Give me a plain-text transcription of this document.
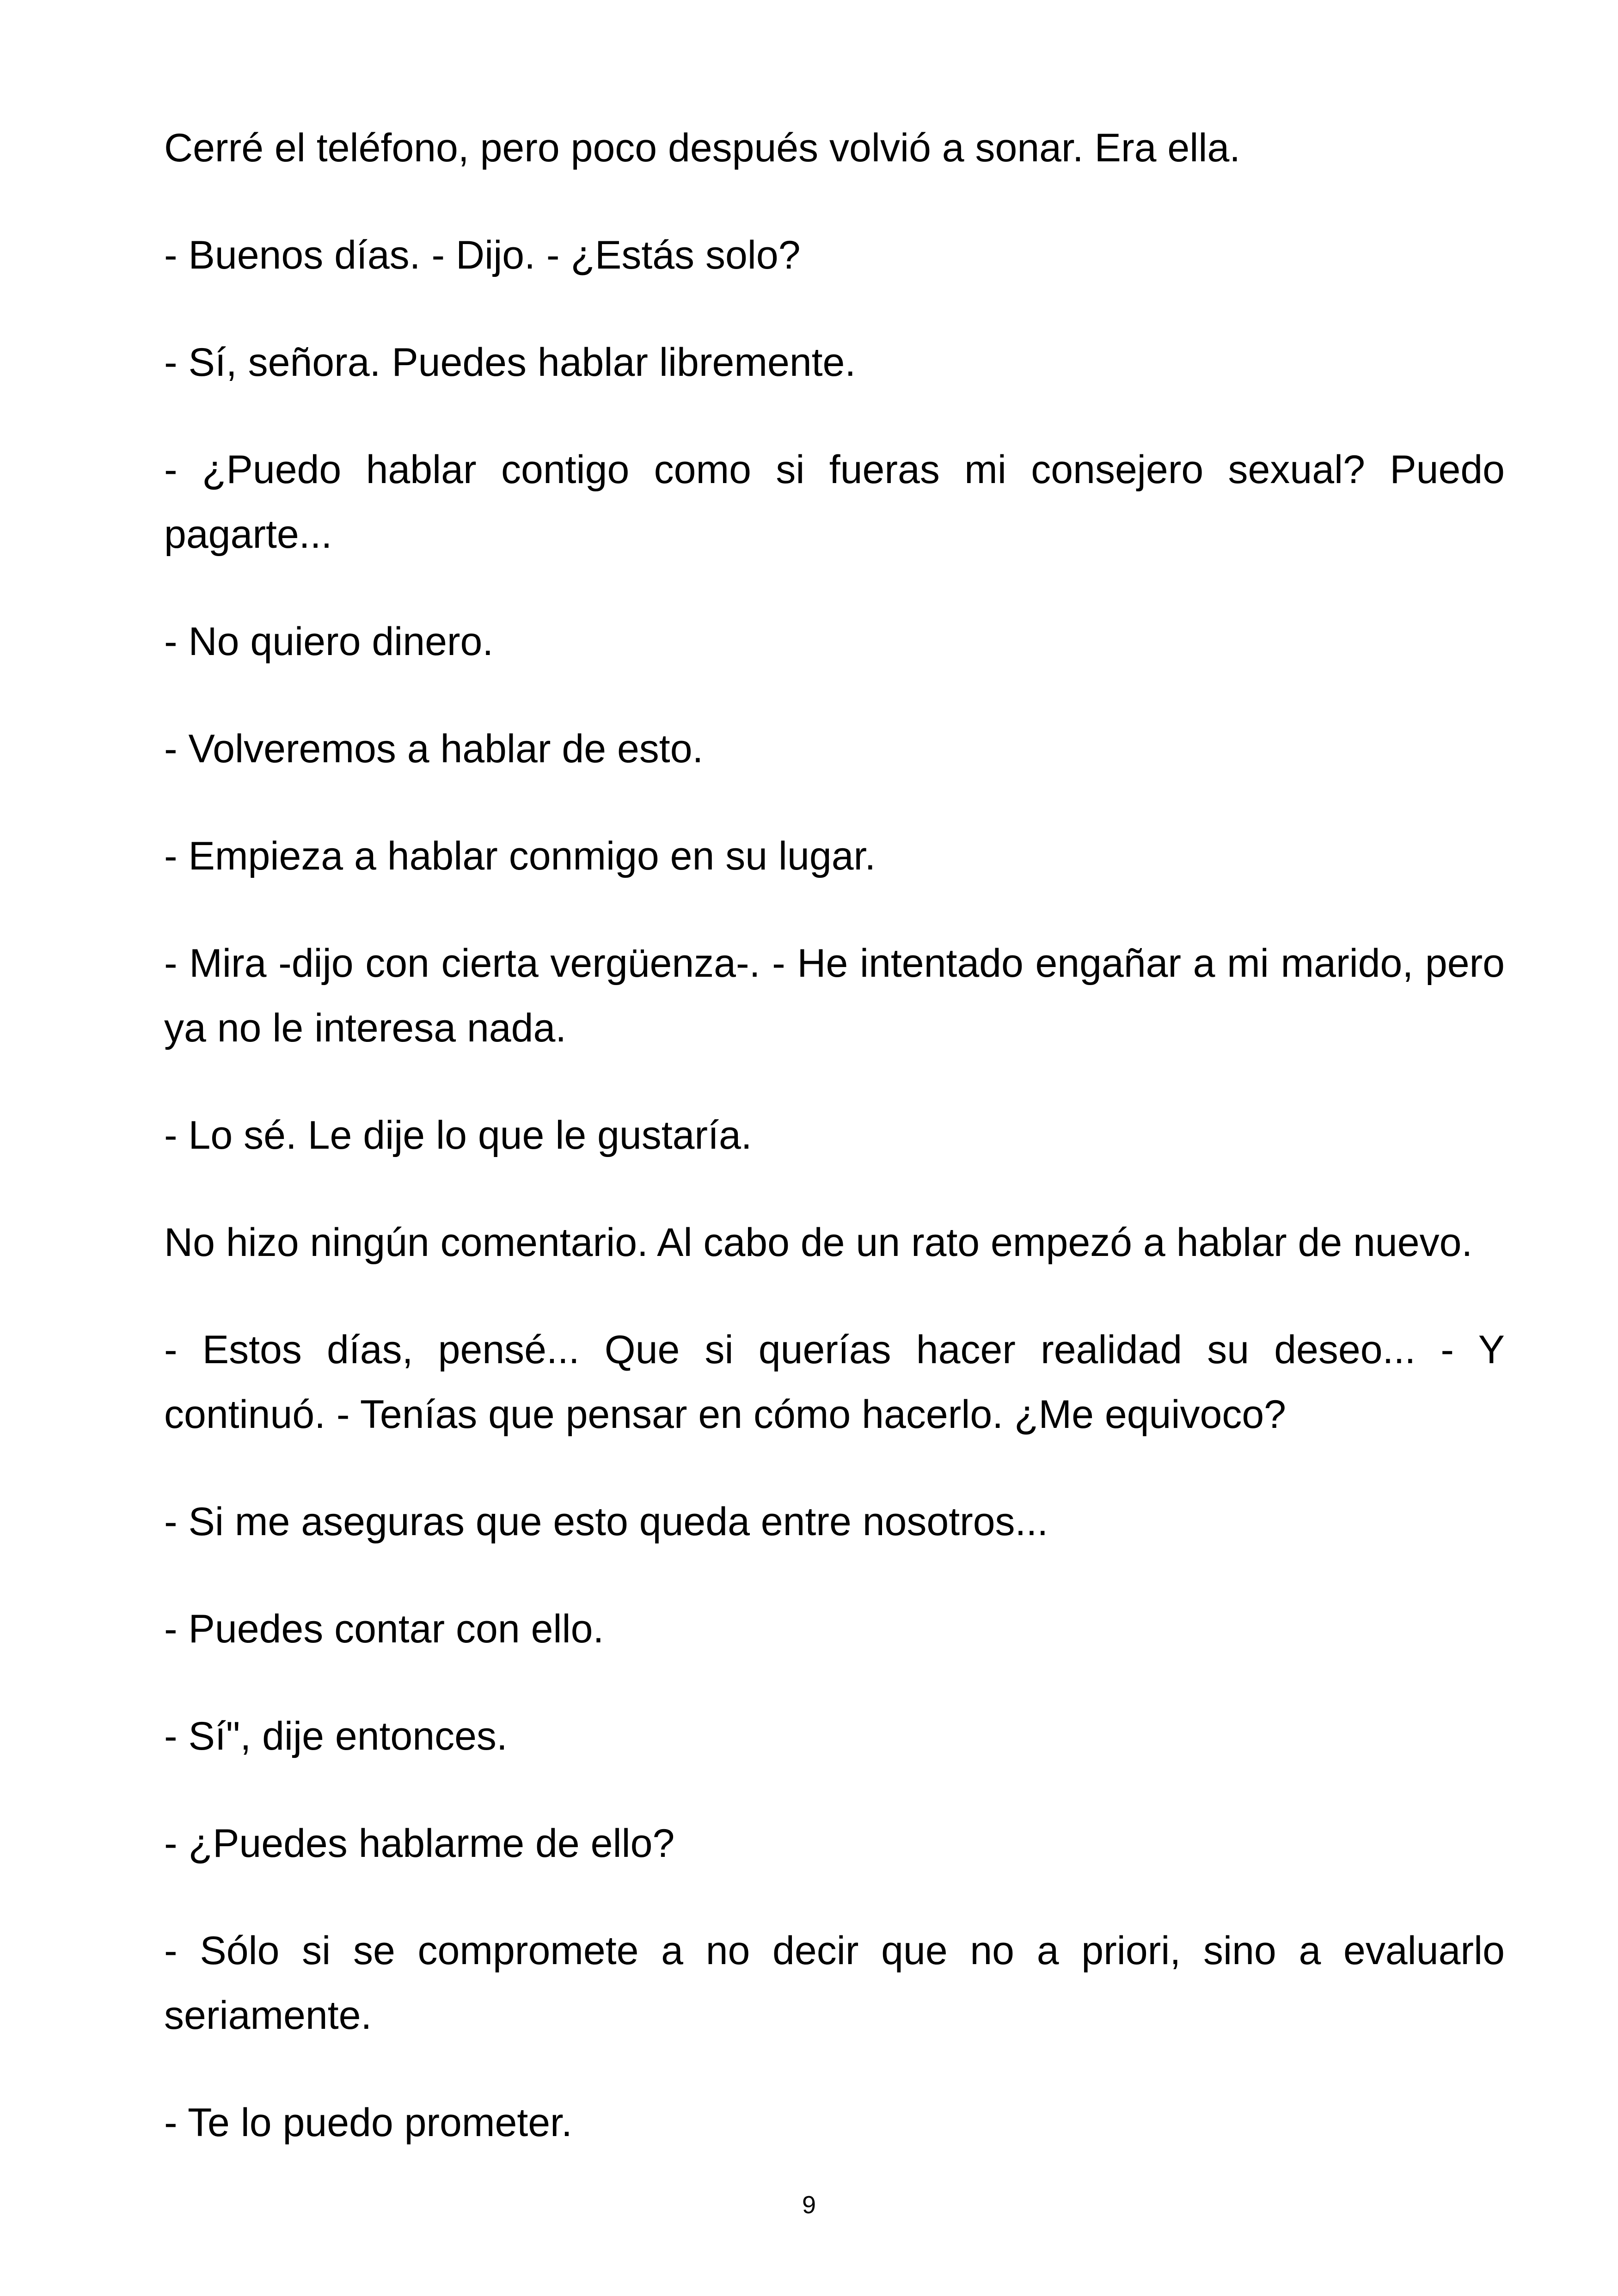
Cerré el teléfono, pero poco después volvió a sonar. Era ella.

- Buenos días. - Dijo. - ¿Estás solo?

- Sí, señora. Puedes hablar libremente.

- ¿Puedo hablar contigo como si fueras mi consejero sexual? Puedo pagarte...

- No quiero dinero.

- Volveremos a hablar de esto.

- Empieza a hablar conmigo en su lugar.

- Mira -dijo con cierta vergüenza-. - He intentado engañar a mi marido, pero ya no le interesa nada.

- Lo sé. Le dije lo que le gustaría.

No hizo ningún comentario. Al cabo de un rato empezó a hablar de nuevo.

- Estos días, pensé... Que si querías hacer realidad su deseo... - Y continuó. - Tenías que pensar en cómo hacerlo. ¿Me equivoco?

- Si me aseguras que esto queda entre nosotros...

- Puedes contar con ello.

- Sí", dije entonces.

- ¿Puedes hablarme de ello?

- Sólo si se compromete a no decir que no a priori, sino a evaluarlo seriamente.

- Te lo puedo prometer.

9
